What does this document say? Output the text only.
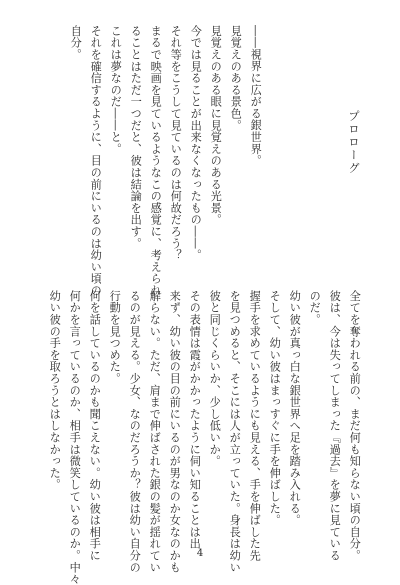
プロローグ
――視界に広がる銀世界。
見覚えのある景色。
見覚えのある眼に見覚えのある光景。
今では見ることが出来なくなったもの――。
それ等をこうして見ているのは何故だろう？
まるで映画を見ているようなこの感覚に、考えられ
ることはただ一つだと、彼は結論を出す。
これは夢なのだ――と。
それを確信するように、目の前にいるのは幼い頃の
自分。
全てを奪われる前の、まだ何も知らない頃の自分。
彼は、今は失ってしまった『過去』を夢に見ている
のだ。
幼い彼が真っ白な銀世界へ足を踏み入れる。
そして、幼い彼はまっすぐに手を伸ばした。
握手を求めているようにも見える、手を伸ばした先
を見つめると、そこには人が立っていた。身長は幼い
彼と同じくらいか、少し低いか。
その表情は霞がかかったように伺い知ることは出
来ず、幼い彼の目の前にいるのが男なのか女なのかも
解らない。ただ、肩まで伸ばされた銀の髪が揺れてい
るのが見える。少女、なのだろうか？彼は幼い自分の
行動を見つめた。
何を話しているのかも聞こえない。幼い彼は相手に
何かを言っているのか、相手は微笑しているのか。中々
幼い彼の手を取ろうとはしなかった。
4
